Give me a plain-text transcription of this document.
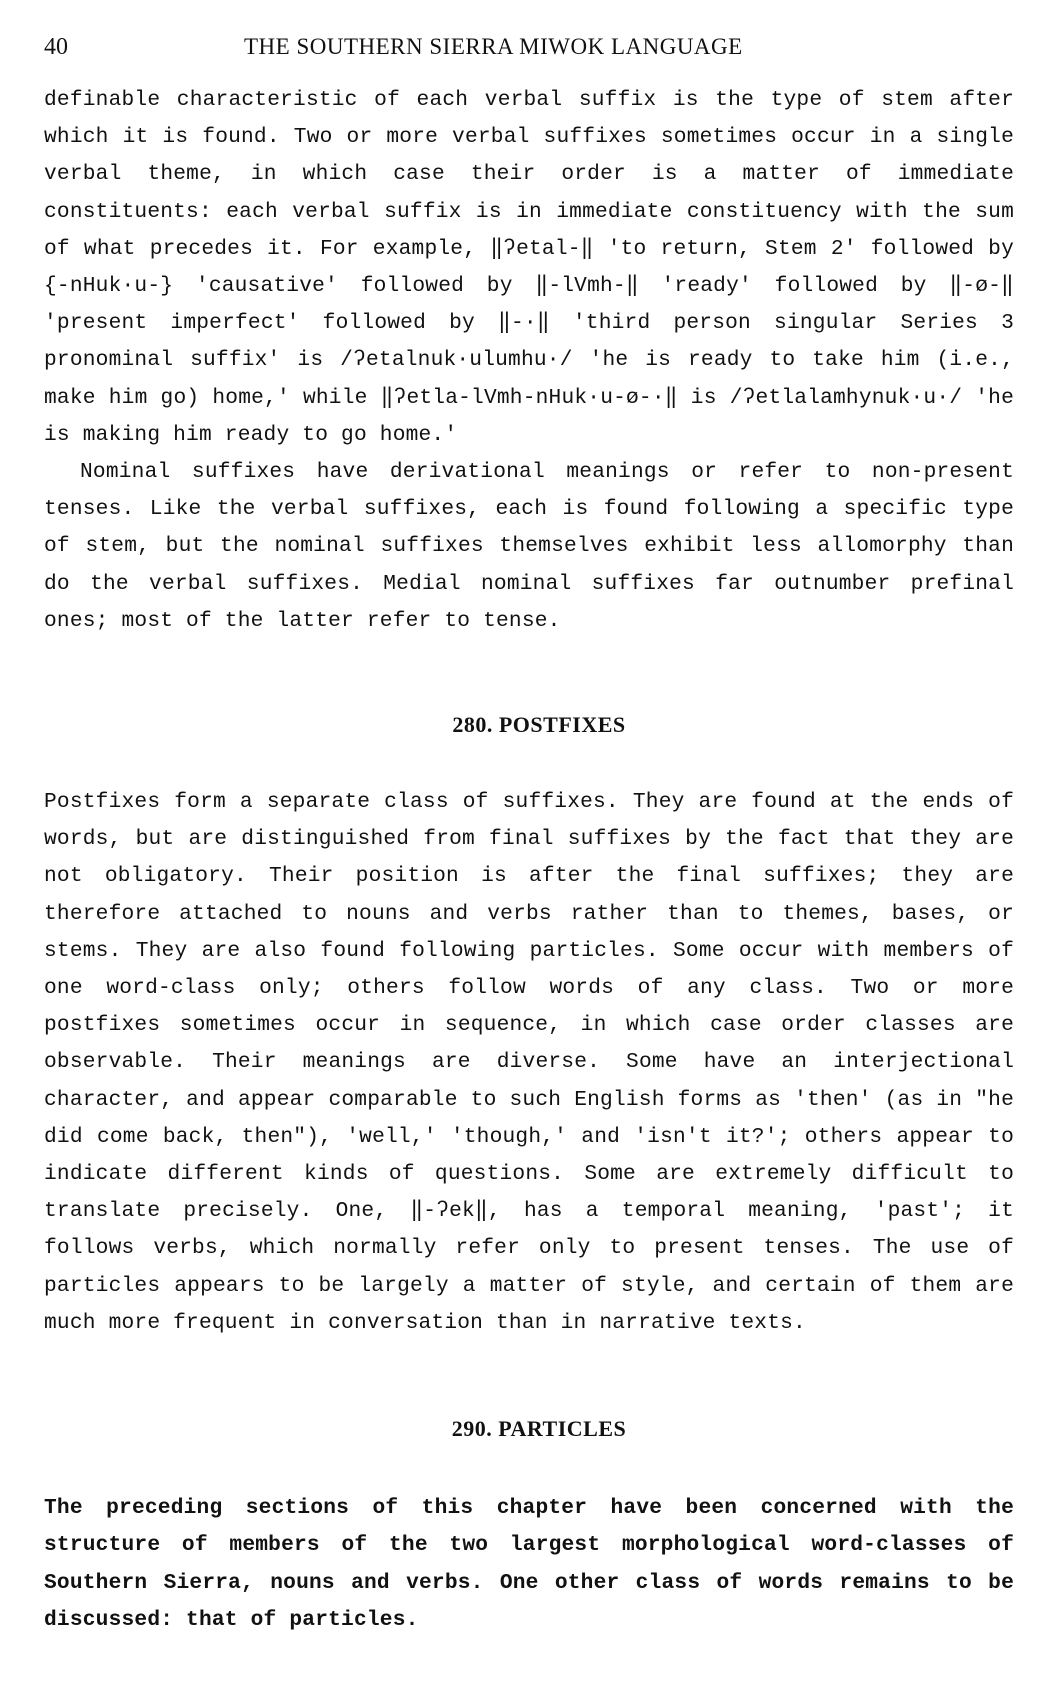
40	THE SOUTHERN SIERRA MIWOK LANGUAGE

definable characteristic of each verbal suffix is the type of stem after which it is found. Two or more verbal suffixes sometimes occur in a single verbal theme, in which case their order is a matter of immediate constituents: each verbal suffix is in immediate constituency with the sum of what precedes it. For example, ‖ʔetal-‖ 'to return, Stem 2' followed by {-nHuk·u-} 'causative' followed by ‖-lVmh-‖ 'ready' followed by ‖-ø-‖ 'present imperfect' followed by ‖-·‖ 'third person singular Series 3 pronominal suffix' is /ʔetalnuk·ulumhu·/ 'he is ready to take him (i.e., make him go) home,' while ‖ʔetla-lVmh-nHuk·u-ø-·‖ is /ʔetlalamhynuk·u·/ 'he is making him ready to go home.'

Nominal suffixes have derivational meanings or refer to non-present tenses. Like the verbal suffixes, each is found following a specific type of stem, but the nominal suffixes themselves exhibit less allomorphy than do the verbal suffixes. Medial nominal suffixes far outnumber prefinal ones; most of the latter refer to tense.

280. POSTFIXES

Postfixes form a separate class of suffixes. They are found at the ends of words, but are distinguished from final suffixes by the fact that they are not obligatory. Their position is after the final suffixes; they are therefore attached to nouns and verbs rather than to themes, bases, or stems. They are also found following particles. Some occur with members of one word-class only; others follow words of any class. Two or more postfixes sometimes occur in sequence, in which case order classes are observable. Their meanings are diverse. Some have an interjectional character, and appear comparable to such English forms as 'then' (as in "he did come back, then"), 'well,' 'though,' and 'isn't it?'; others appear to indicate different kinds of questions. Some are extremely difficult to translate precisely. One, ‖-ʔek‖, has a temporal meaning, 'past'; it follows verbs, which normally refer only to present tenses. The use of particles appears to be largely a matter of style, and certain of them are much more frequent in conversation than in narrative texts.

290. PARTICLES

The preceding sections of this chapter have been concerned with the structure of members of the two largest morphological word-classes of Southern Sierra, nouns and verbs. One other class of words remains to be discussed: that of particles.
